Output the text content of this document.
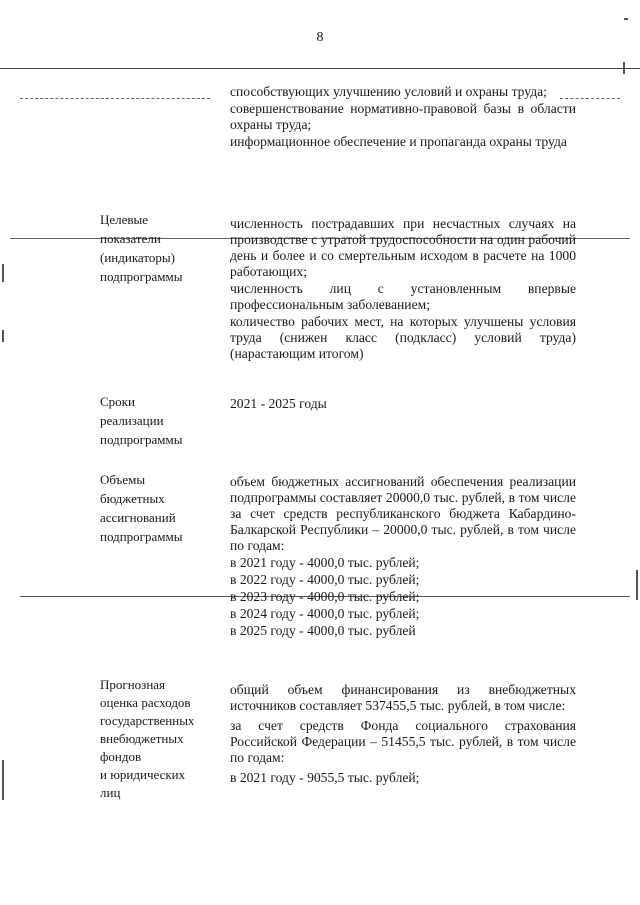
8
способствующих улучшению условий и охраны труда;
совершенствование нормативно-правовой базы в области охраны труда;
информационное обеспечение и пропаганда охраны труда
Целевые
показатели
(индикаторы)
подпрограммы
численность пострадавших при несчастных случаях на производстве с утратой трудоспособности на один рабочий день и более и со смертельным исходом в расчете на 1000 работающих;
численность лиц с установленным впервые профессиональным заболеванием;
количество рабочих мест, на которых улучшены условия труда (снижен класс (подкласс) условий труда) (нарастающим итогом)
Сроки
реализации
подпрограммы
2021 - 2025 годы
Объемы
бюджетных
ассигнований
подпрограммы
объем бюджетных ассигнований обеспечения реализации подпрограммы составляет 20000,0 тыс. рублей, в том числе за счет средств республиканского бюджета Кабардино-Балкарской Республики – 20000,0 тыс. рублей, в том числе по годам:
в 2021 году - 4000,0 тыс. рублей;
в 2022 году - 4000,0 тыс. рублей;
в 2023 году - 4000,0 тыс. рублей;
в 2024 году - 4000,0 тыс. рублей;
в 2025 году - 4000,0 тыс. рублей
Прогнозная
оценка расходов
государственных
внебюджетных
фондов
и юридических
лиц

общий объем финансирования из внебюджетных источников составляет 537455,5 тыс. рублей, в том числе:

за счет средств Фонда социального страхования Российской Федерации – 51455,5 тыс. рублей, в том числе по годам:

в 2021 году - 9055,5 тыс. рублей;
